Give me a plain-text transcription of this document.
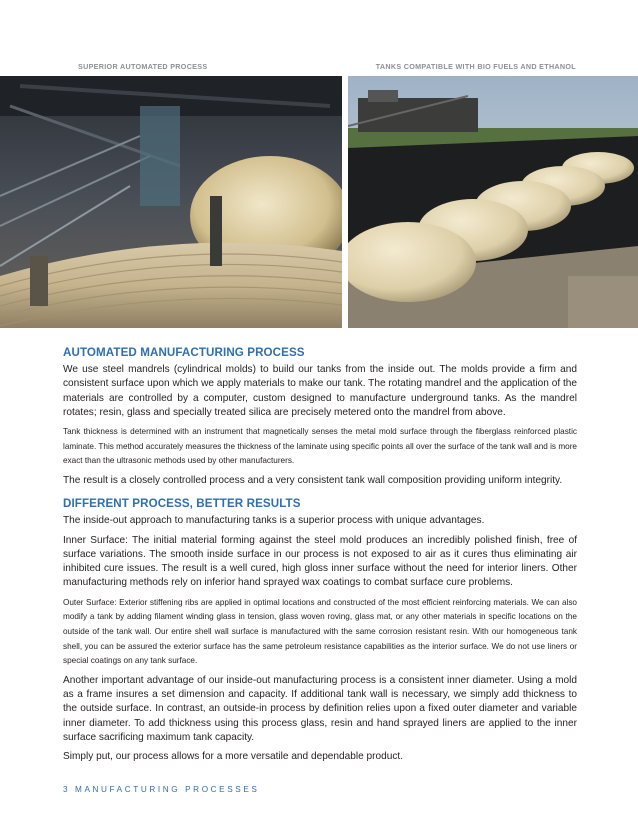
SUPERIOR AUTOMATED PROCESS	TANKS COMPATIBLE WITH BIO FUELS AND ETHANOL
AUTOMATED MANUFACTURING PROCESS

We use steel mandrels (cylindrical molds) to build our tanks from the inside out. The molds provide a firm and consistent surface upon which we apply materials to make our tank. The rotating mandrel and the application of the materials are controlled by a computer, custom designed to manufacture underground tanks. As the mandrel rotates; resin, glass and specially treated silica are precisely metered onto the mandrel from above.

Tank thickness is determined with an instrument that magnetically senses the metal mold surface through the fiberglass reinforced plastic laminate. This method accurately measures the thickness of the laminate using specific points all over the surface of the tank wall and is more exact than the ultrasonic methods used by other manufacturers.

The result is a closely controlled process and a very consistent tank wall composition providing uniform integrity.

DIFFERENT PROCESS, BETTER RESULTS

The inside-out approach to manufacturing tanks is a superior process with unique advantages.

Inner Surface: The initial material forming against the steel mold produces an incredibly polished finish, free of surface variations. The smooth inside surface in our process is not exposed to air as it cures thus eliminating air inhibited cure issues. The result is a well cured, high gloss inner surface without the need for interior liners. Other manufacturing methods rely on inferior hand sprayed wax coatings to combat surface cure problems.

Outer Surface: Exterior stiffening ribs are applied in optimal locations and constructed of the most efficient reinforcing materials. We can also modify a tank by adding filament winding glass in tension, glass woven roving, glass mat, or any other materials in specific locations on the outside of the tank wall. Our entire shell wall surface is manufactured with the same corrosion resistant resin. With our homogeneous tank shell, you can be assured the exterior surface has the same petroleum resistance capabilities as the interior surface. We do not use liners or special coatings on any tank surface.

Another important advantage of our inside-out manufacturing process is a consistent inner diameter. Using a mold as a frame insures a set dimension and capacity. If additional tank wall is necessary, we simply add thickness to the outside surface. In contrast, an outside-in process by definition relies upon a fixed outer diameter and variable inner diameter. To add thickness using this process glass, resin and hand sprayed liners are applied to the inner surface sacrificing maximum tank capacity.

Simply put, our process allows for a more versatile and dependable product.

3 MANUFACTURING PROCESSES
